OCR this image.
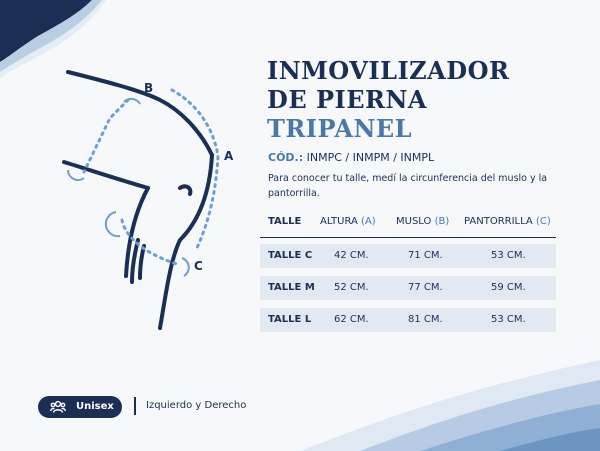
B
A
C
INMOVILIZADOR
DE PIERNA
TRIPANEL
CÓD.: INMPC / INMPM / INMPL
Para conocer tu talle, medí la circunferencia del muslo y la pantorrilla.
TALLE ALTURA (A) MUSLO (B) PANTORRILLA (C)
TALLE C 42 CM.	71 CM.	53 CM.
TALLE M 52 CM.	77 CM.	59 CM.
TALLE L 62 CM.	81 CM.	53 CM.
Unisex	Izquierdo y Derecho
